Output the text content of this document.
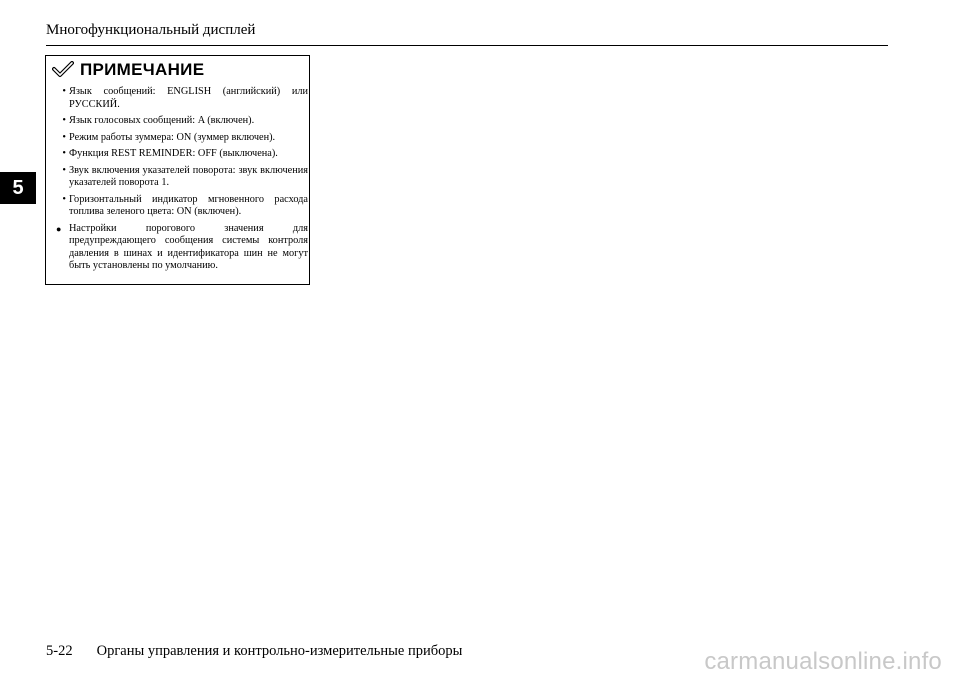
Многофункциональный дисплей
5
ПРИМЕЧАНИЕ
• Язык сообщений: ENGLISH (английский) или РУССКИЙ.
• Язык голосовых сообщений: A (включен).
• Режим работы зуммера: ON (зуммер включен).
• Функция REST REMINDER: OFF (выключена).
• Звук включения указателей поворота: звук включения указателей поворота 1.
• Горизонтальный индикатор мгновенного расхода топлива зеленого цвета: ON (включен).
● Настройки порогового значения для предупреждающего сообщения системы контроля давления в шинах и идентификатора шин не могут быть установлены по умолчанию.
5-22 Органы управления и контрольно-измерительные приборы	carmanualsonline.info
